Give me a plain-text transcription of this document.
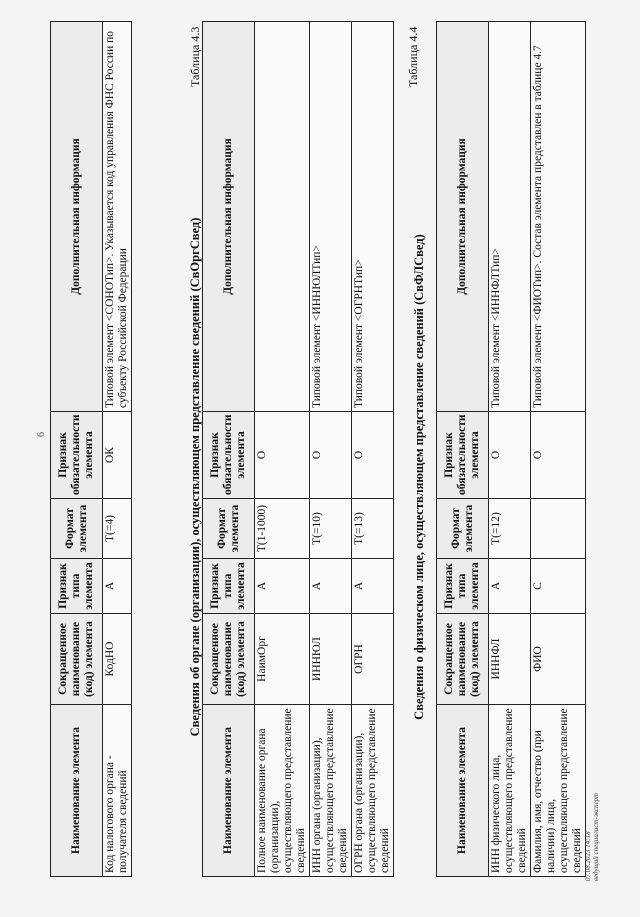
6
Наименование элемента	Сокращенное наименование (код) элемента	Признак типа элемента	Формат элемента	Признак обязательности элемента	Дополнительная информация
Код налогового органа - получателя сведений	КодНО	А	Т(=4)	ОК	Типовой элемент <СОНОТип>. Указывается код управления ФНС России по субъекту Российской Федерации
Таблица 4.3
Сведения об органе (организации), осуществляющем представление сведений (СвОргСвед)
Наименование элемента	Сокращенное наименование (код) элемента	Признак типа элемента	Формат элемента	Признак обязательности элемента	Дополнительная информация
Полное наименование органа (организации), осуществляющего представление сведений	НаимОрг	А	Т(1-1000)	О	
ИНН органа (организации), осуществляющего представление сведений	ИННЮЛ	А	Т(=10)	О	Типовой элемент <ИННЮЛТип>
ОГРН органа (организации), осуществляющего представление сведений	ОГРН	А	Т(=13)	О	Типовой элемент <ОГРНТип>
Таблица 4.4
Сведения о физическом лице, осуществляющем представление сведений (СвФЛСвед)
Наименование элемента	Сокращенное наименование (код) элемента	Признак типа элемента	Формат элемента	Признак обязательности элемента	Дополнительная информация
ИНН физического лица, осуществляющего представление сведений	ИННФЛ	А	Т(=12)	О	Типовой элемент <ИННФЛТип>
Фамилия, имя, отчество (при наличии) лица, осуществляющего представление сведений	ФИО	С		О	Типовой элемент <ФИОТип>. Состав элемента представлен в таблице 4.7
07.08.2023 14:18 ведущий специалист-эксперт
